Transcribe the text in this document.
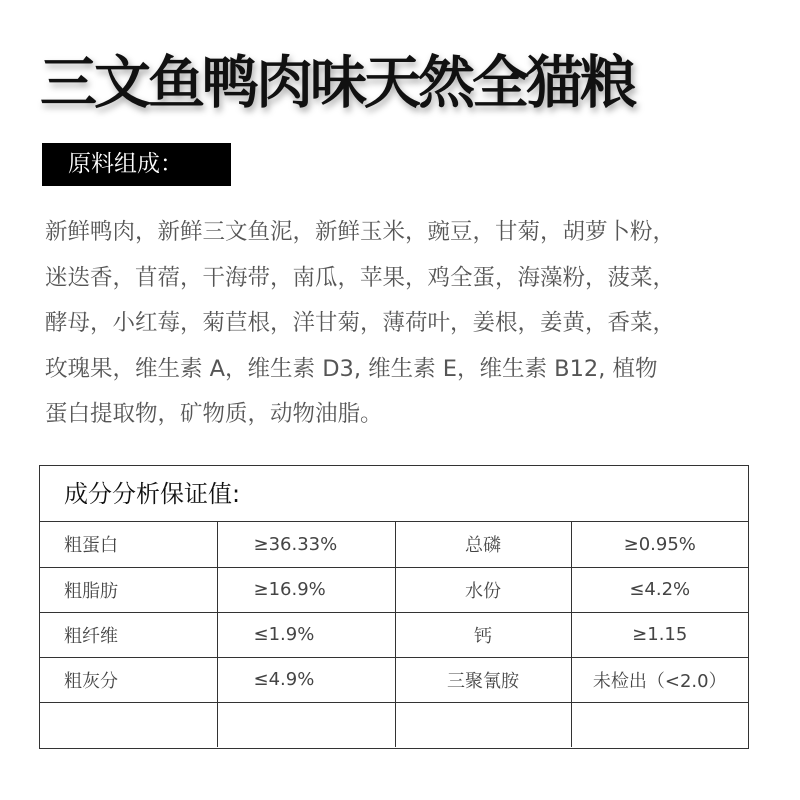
三文鱼鸭肉味天然全猫粮
原料组成：
新鲜鸭肉，新鲜三文鱼泥，新鲜玉米，豌豆，甘菊，胡萝卜粉，
迷迭香，苜蓿，干海带，南瓜，苹果，鸡全蛋，海藻粉，菠菜，
酵母，小红莓，菊苣根，洋甘菊，薄荷叶，姜根，姜黄，香菜，
玫瑰果，维生素 A，维生素 D3, 维生素 E，维生素 B12, 植物
蛋白提取物，矿物质，动物油脂。
成分分析保证值:
粗蛋白	≥36.33%	总磷	≥0.95%
粗脂肪	≥16.9%	水份	≤4.2%
粗纤维	≤1.9%	钙	≥1.15
粗灰分	≤4.9%	三聚氰胺	未检出（<2.0）
